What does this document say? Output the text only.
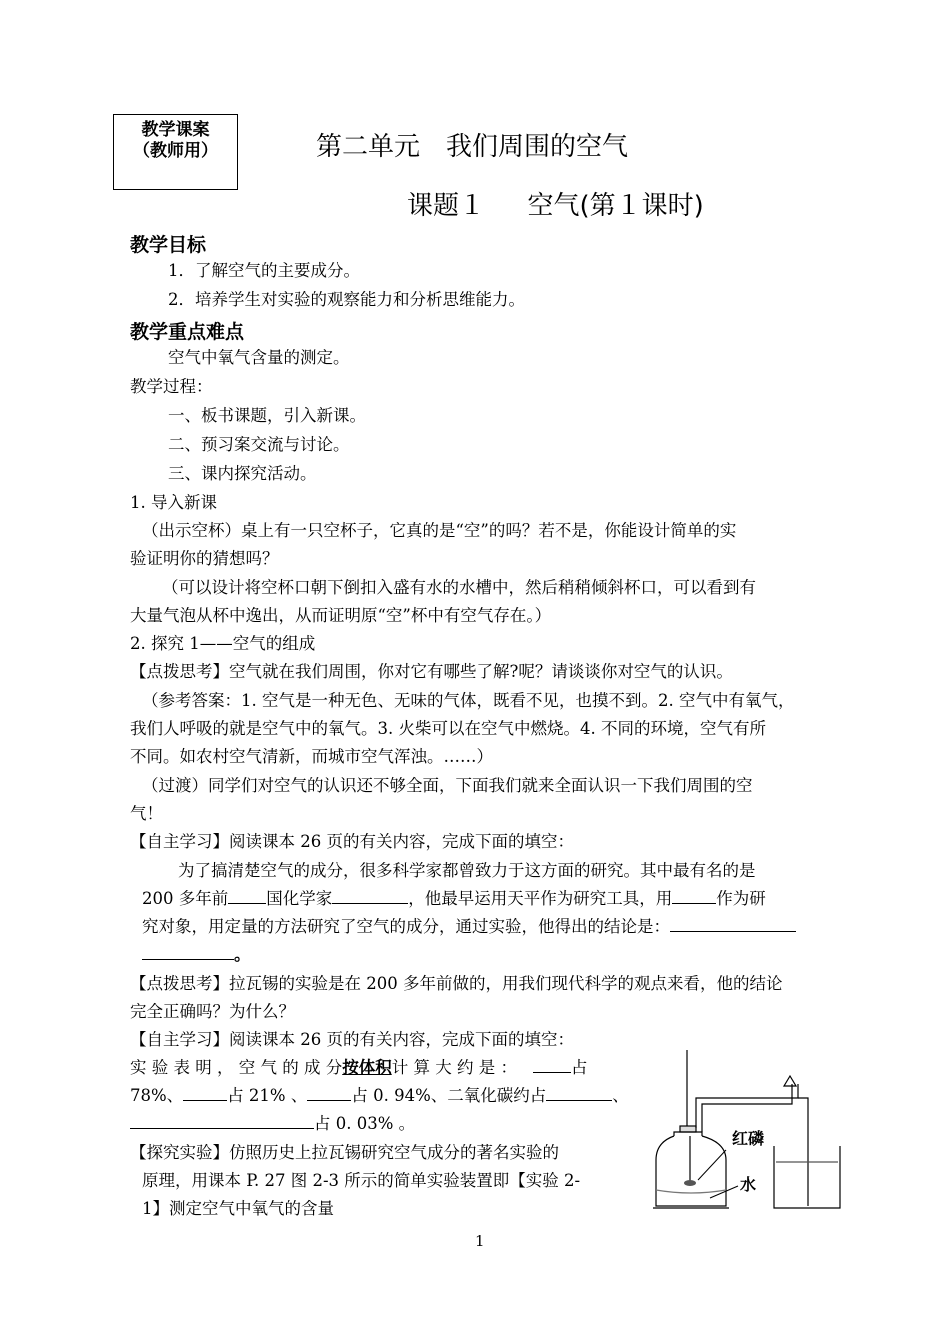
教学课案
（教师用）	第二单元　我们周围的空气
课题１　  空气(第１课时)
教学目标
1．了解空气的主要成分。
2．培养学生对实验的观察能力和分析思维能力。
教学重点难点
空气中氧气含量的测定。
教学过程：
一、板书课题，引入新课。
二、预习案交流与讨论。
三、课内探究活动。
1. 导入新课
（出示空杯）桌上有一只空杯子，它真的是“空”的吗？若不是，你能设计简单的实
验证明你的猜想吗？
（可以设计将空杯口朝下倒扣入盛有水的水槽中，然后稍稍倾斜杯口，可以看到有
大量气泡从杯中逸出，从而证明原“空”杯中有空气存在。）
2. 探究 1——空气的组成
【点拨思考】空气就在我们周围，你对它有哪些了解?呢？请谈谈你对空气的认识。
（参考答案：1. 空气是一种无色、无味的气体，既看不见，也摸不到。2. 空气中有氧气，
我们人呼吸的就是空气中的氧气。3. 火柴可以在空气中燃烧。4. 不同的环境，空气有所
不同。如农村空气清新，而城市空气浑浊。……）
（过渡）同学们对空气的认识还不够全面，下面我们就来全面认识一下我们周围的空
气！
【自主学习】阅读课本 26 页的有关内容，完成下面的填空：
为了搞清楚空气的成分，很多科学家都曾致力于这方面的研究。其中最有名的是
200 多年前 国化学家	，他最早运用天平作为研究工具，用	作为研
究对象，用定量的方法研究了空气的成分，通过实验，他得出的结论是：
。
【点拨思考】拉瓦锡的实验是在 200 多年前做的，用我们现代科学的观点来看，他的结论
完全正确吗？为什么？
【自主学习】阅读课本 26 页的有关内容，完成下面的填空：
实 验 表 明 ， 空 气 的 成 分按体积计 算 大 约 是 ：	占
78%、	占 21% 、	占 0. 94%、二氧化碳约占	、
占 0. 03% 。
【探究实验】仿照历史上拉瓦锡研究空气成分的著名实验的
原理，用课本 P. 27 图 2-3 所示的简单实验装置即【实验 2-
1】测定空气中氧气的含量
红磷
水
1
